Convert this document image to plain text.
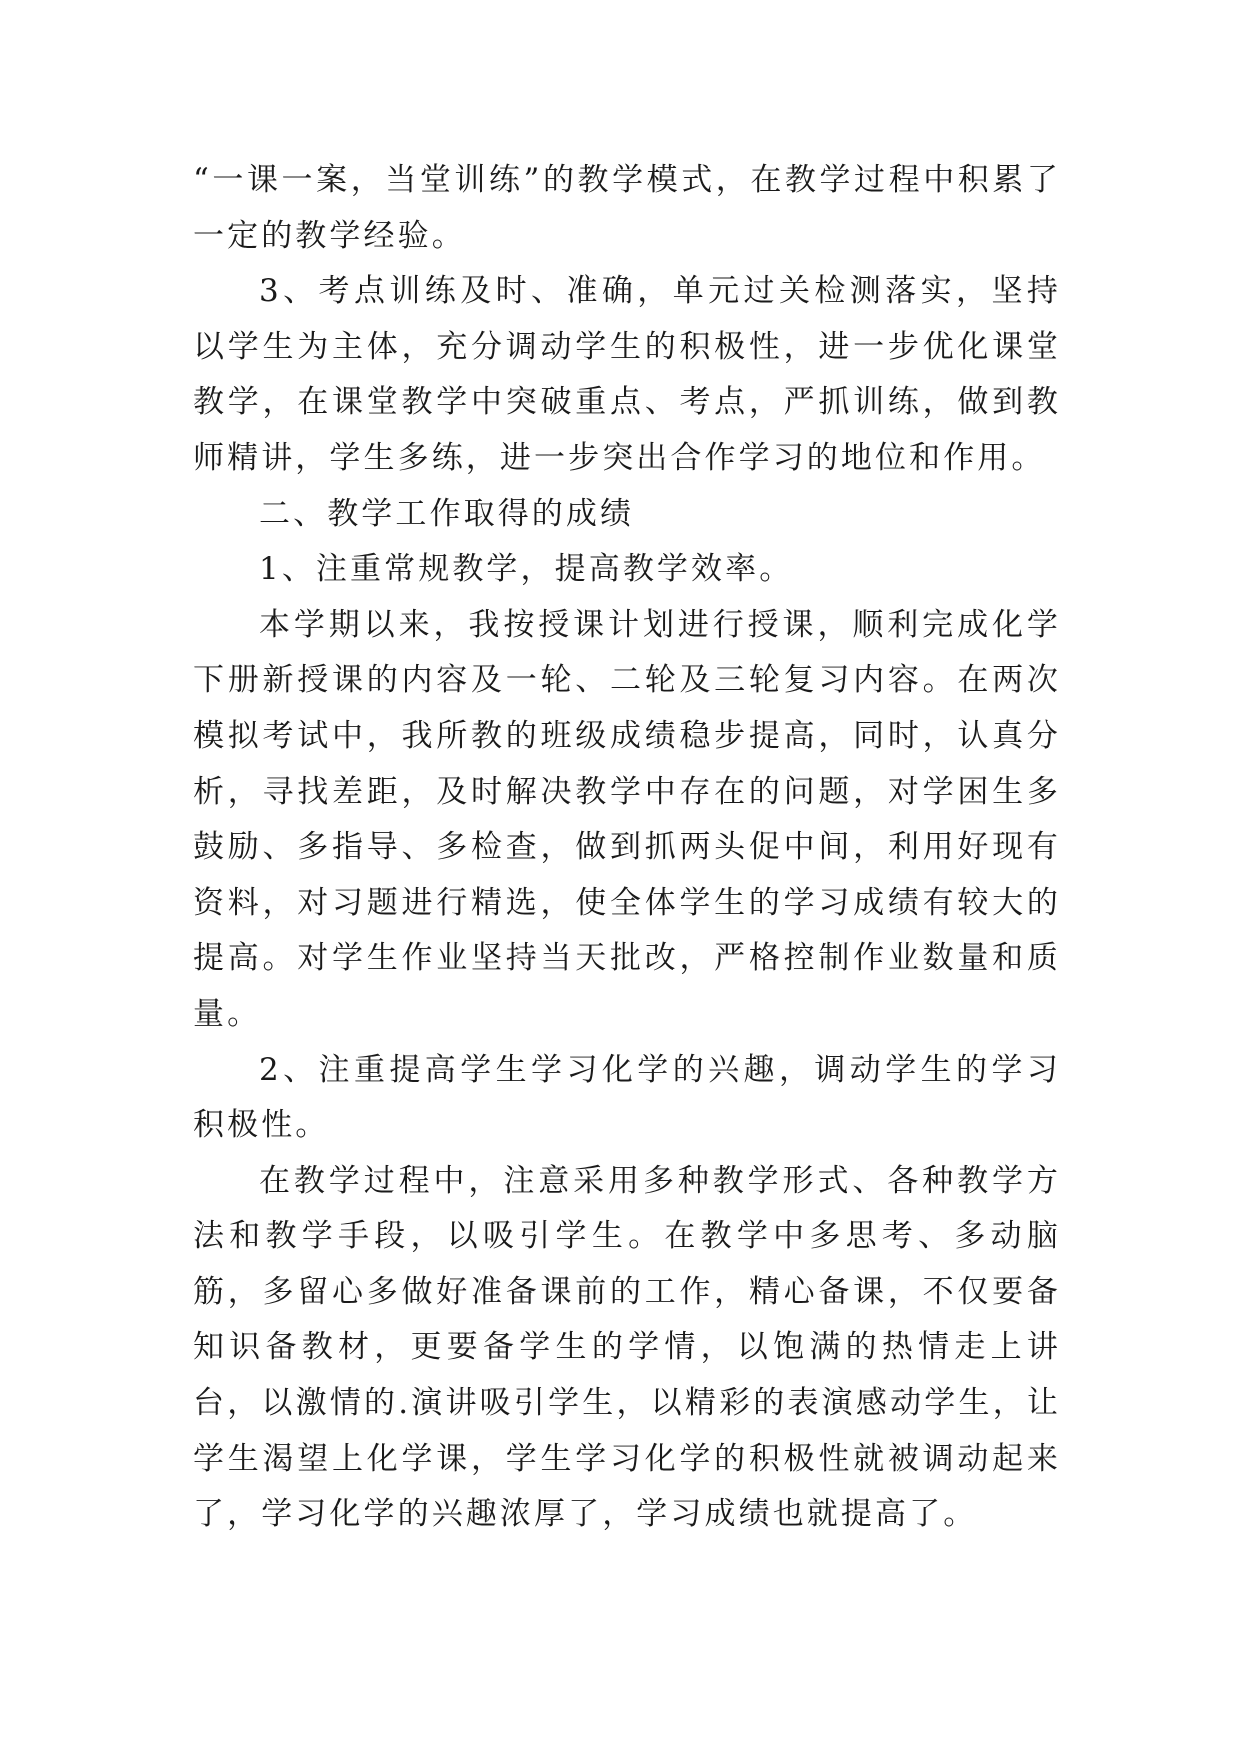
“一课一案，当堂训练”的教学模式，在教学过程中积累了一定的教学经验。

3、考点训练及时、准确，单元过关检测落实，坚持以学生为主体，充分调动学生的积极性，进一步优化课堂教学，在课堂教学中突破重点、考点，严抓训练，做到教师精讲，学生多练，进一步突出合作学习的地位和作用。

二、教学工作取得的成绩

1、注重常规教学，提高教学效率。

本学期以来，我按授课计划进行授课，顺利完成化学下册新授课的内容及一轮、二轮及三轮复习内容。在两次模拟考试中，我所教的班级成绩稳步提高，同时，认真分析，寻找差距，及时解决教学中存在的问题，对学困生多鼓励、多指导、多检查，做到抓两头促中间，利用好现有资料，对习题进行精选，使全体学生的学习成绩有较大的提高。对学生作业坚持当天批改，严格控制作业数量和质量。

2、注重提高学生学习化学的兴趣，调动学生的学习积极性。

在教学过程中，注意采用多种教学形式、各种教学方法和教学手段，以吸引学生。在教学中多思考、多动脑筋，多留心多做好准备课前的工作，精心备课，不仅要备知识备教材，更要备学生的学情，以饱满的热情走上讲台，以激情的.演讲吸引学生，以精彩的表演感动学生，让学生渴望上化学课，学生学习化学的积极性就被调动起来了，学习化学的兴趣浓厚了，学习成绩也就提高了。
